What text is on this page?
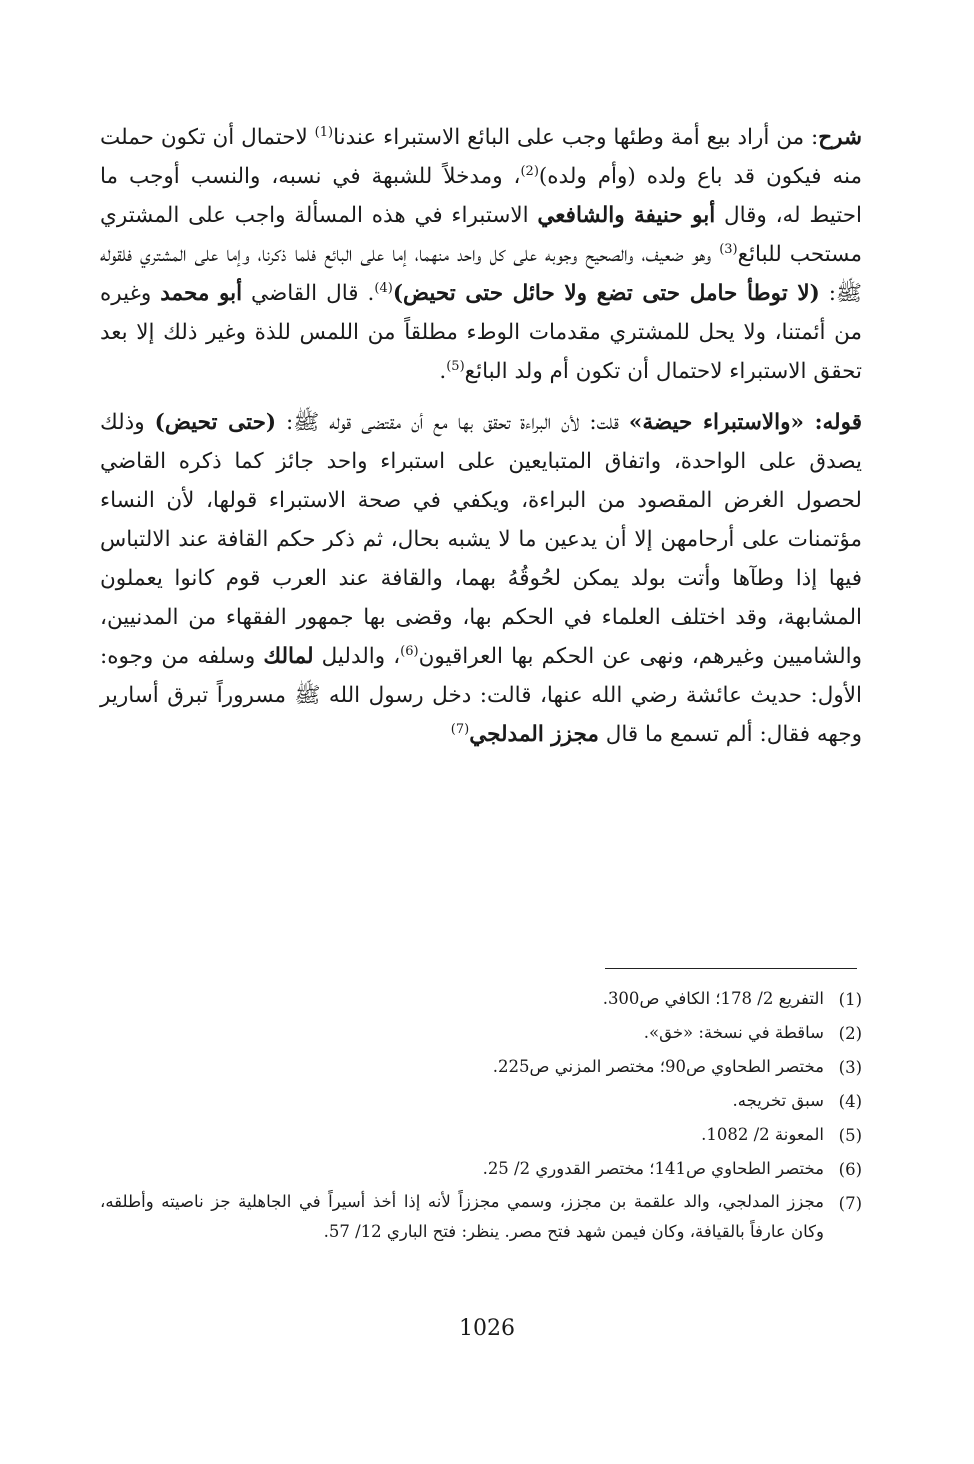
شرح: من أراد بيع أمة وطئها وجب على البائع الاستبراء عندنا$^{(1)}$ لاحتمال أن تكون حملت منه فيكون قد باع ولده (وأم ولده)$^{(2)}$، ومدخلاً للشبهة في نسبه، والنسب أوجب ما احتيط له، وقال أبو حنيفة والشافعي الاستبراء في هذه المسألة واجب على المشتري مستحب للبائع$^{(3)}$ وهو ضعيف، والصحيح وجوبه على كل واحد منهما، إما على البائع فلما ذكرنا، وإما على المشتري فلقوله ﷺ: (لا توطأ حامل حتى تضع ولا حائل حتى تحيض)$^{(4)}$. قال القاضي أبو محمد وغيره من أئمتنا، ولا يحل للمشتري مقدمات الوطء مطلقاً من اللمس للذة وغير ذلك إلا بعد تحقق الاستبراء لاحتمال أن تكون أم ولد البائع$^{(5)}$.

قوله: «والاستبراء حيضة» قلت: لأن البراءة تحقق بها مع أن مقتضى قوله ﷺ: (حتى تحيض) وذلك يصدق على الواحدة، واتفاق المتبايعين على استبراء واحد جائز كما ذكره القاضي لحصول الغرض المقصود من البراءة، ويكفي في صحة الاستبراء قولها، لأن النساء مؤتمنات على أرحامهن إلا أن يدعين ما لا يشبه بحال، ثم ذكر حكم القافة عند الالتباس فيها إذا وطآها وأتت بولد يمكن لحُوقُهُ بهما، والقافة عند العرب قوم كانوا يعملون المشابهة، وقد اختلف العلماء في الحكم بها، وقضى بها جمهور الفقهاء من المدنيين، والشاميين وغيرهم، ونهى عن الحكم بها العراقيون$^{(6)}$، والدليل لمالك وسلفه من وجوه: الأول: حديث عائشة رضي الله عنها، قالت: دخل رسول الله ﷺ مسروراً تبرق أسارير وجهه فقال: ألم تسمع ما قال مجزز المدلجي$^{(7)}$

(1)
التفريع 2/ 178؛ الكافي ص300.
(2)
ساقطة في نسخة: «خق».
(3)
مختصر الطحاوي ص90؛ مختصر المزني ص225.
(4)
سبق تخريجه.
(5)
المعونة 2/ 1082.
(6)
مختصر الطحاوي ص141؛ مختصر القدوري 2/ 25.
(7)
مجزز المدلجي، والد علقمة بن مجزز، وسمي مجززاً لأنه إذا أخذ أسيراً في الجاهلية جز ناصيته وأطلقه، وكان عارفاً بالقيافة، وكان فيمن شهد فتح مصر. ينظر: فتح الباري 12/ 57.
1026
